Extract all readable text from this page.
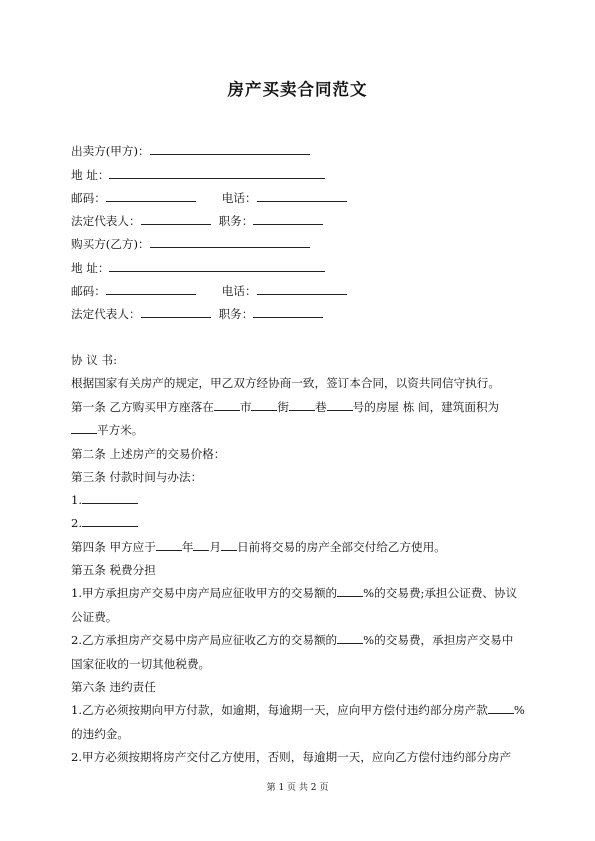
房产买卖合同范文
出卖方(甲方)：
地 址：
邮码：	电话：
法定代表人：	职务：
购买方(乙方)：
地 址：
邮码：	电话：
法定代表人：	职务：
协 议 书:
根据国家有关房产的规定，甲乙双方经协商一致，签订本合同，以资共同信守执行。
第一条 乙方购买甲方座落在 市 街 巷 号的房屋 栋 间，建筑面积为
平方米。
第二条 上述房产的交易价格：
第三条 付款时间与办法：
1.
2.
第四条 甲方应于 年 月 日前将交易的房产全部交付给乙方使用。
第五条 税费分担
1.甲方承担房产交易中房产局应征收甲方的交易额的 %的交易费;承担公证费、协议
公证费。
2.乙方承担房产交易中房产局应征收乙方的交易额的 %的交易费，承担房产交易中
国家征收的一切其他税费。
第六条 违约责任
1.乙方必须按期向甲方付款，如逾期，每逾期一天，应向甲方偿付违约部分房产款 %
的违约金。
2.甲方必须按期将房产交付乙方使用，否则，每逾期一天，应向乙方偿付违约部分房产
第 1 页 共 2 页
